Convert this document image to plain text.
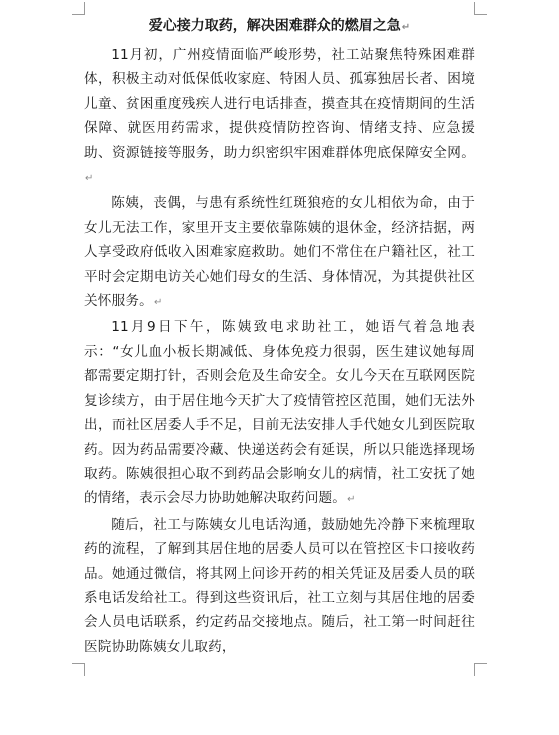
爱心接力取药，解决困难群众的燃眉之急↵

11月初，广州疫情面临严峻形势，社工站聚焦特殊困难群体，积极主动对低保低收家庭、特困人员、孤寡独居长者、困境儿童、贫困重度残疾人进行电话排查，摸查其在疫情期间的生活保障、就医用药需求，提供疫情防控咨询、情绪支持、应急援助、资源链接等服务，助力织密织牢困难群体兜底保障安全网。↵

陈姨，丧偶，与患有系统性红斑狼疮的女儿相依为命，由于女儿无法工作，家里开支主要依靠陈姨的退休金，经济拮据，两人享受政府低收入困难家庭救助。她们不常住在户籍社区，社工平时会定期电访关心她们母女的生活、身体情况，为其提供社区关怀服务。↵

11月9日下午，陈姨致电求助社工，她语气着急地表示：“女儿血小板长期减低、身体免疫力很弱，医生建议她每周都需要定期打针，否则会危及生命安全。女儿今天在互联网医院复诊续方，由于居住地今天扩大了疫情管控区范围，她们无法外出，而社区居委人手不足，目前无法安排人手代她女儿到医院取药。因为药品需要冷藏、快递送药会有延误，所以只能选择现场取药。陈姨很担心取不到药品会影响女儿的病情，社工安抚了她的情绪，表示会尽力协助她解决取药问题。↵

随后，社工与陈姨女儿电话沟通，鼓励她先冷静下来梳理取药的流程，了解到其居住地的居委人员可以在管控区卡口接收药品。她通过微信，将其网上问诊开药的相关凭证及居委人员的联系电话发给社工。得到这些资讯后，社工立刻与其居住地的居委会人员电话联系，约定药品交接地点。随后，社工第一时间赶往医院协助陈姨女儿取药，
